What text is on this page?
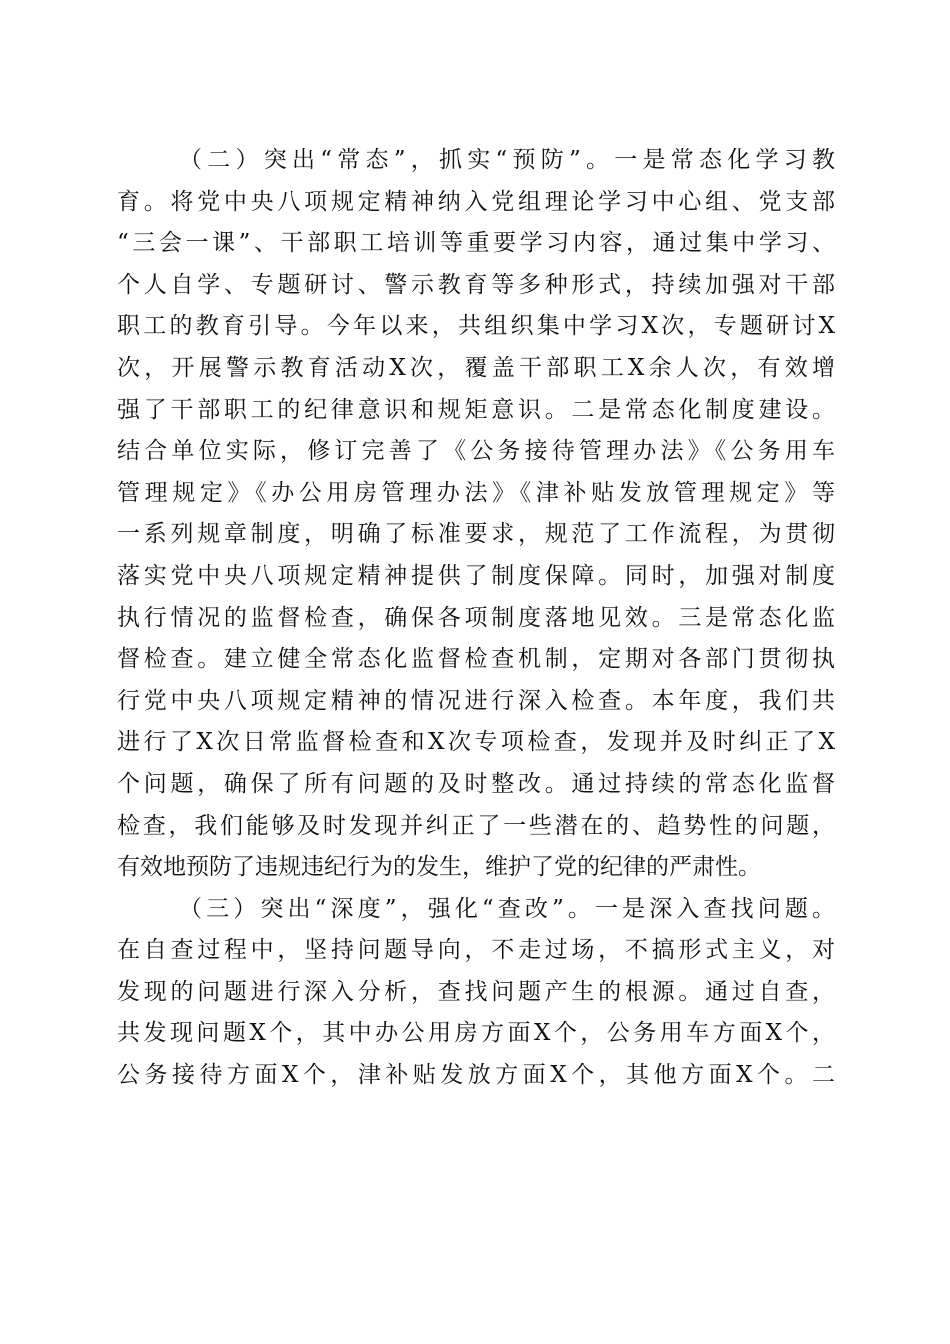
（二）突出“常态”，抓实“预防”。一是常态化学习教
育。将党中央八项规定精神纳入党组理论学习中心组、党支部
“三会一课”、干部职工培训等重要学习内容，通过集中学习、
个人自学、专题研讨、警示教育等多种形式，持续加强对干部
职工的教育引导。今年以来，共组织集中学习X次，专题研讨X
次，开展警示教育活动X次，覆盖干部职工X余人次，有效增
强了干部职工的纪律意识和规矩意识。二是常态化制度建设。
结合单位实际，修订完善了《公务接待管理办法》《公务用车
管理规定》《办公用房管理办法》《津补贴发放管理规定》等
一系列规章制度，明确了标准要求，规范了工作流程，为贯彻
落实党中央八项规定精神提供了制度保障。同时，加强对制度
执行情况的监督检查，确保各项制度落地见效。三是常态化监
督检查。建立健全常态化监督检查机制，定期对各部门贯彻执
行党中央八项规定精神的情况进行深入检查。本年度，我们共
进行了X次日常监督检查和X次专项检查，发现并及时纠正了X
个问题，确保了所有问题的及时整改。通过持续的常态化监督
检查，我们能够及时发现并纠正了一些潜在的、趋势性的问题，
有效地预防了违规违纪行为的发生，维护了党的纪律的严肃性。
（三）突出“深度”，强化“查改”。一是深入查找问题。
在自查过程中，坚持问题导向，不走过场，不搞形式主义，对
发现的问题进行深入分析，查找问题产生的根源。通过自查，
共发现问题X个，其中办公用房方面X个，公务用车方面X个，
公务接待方面X个，津补贴发放方面X个，其他方面X个。二
